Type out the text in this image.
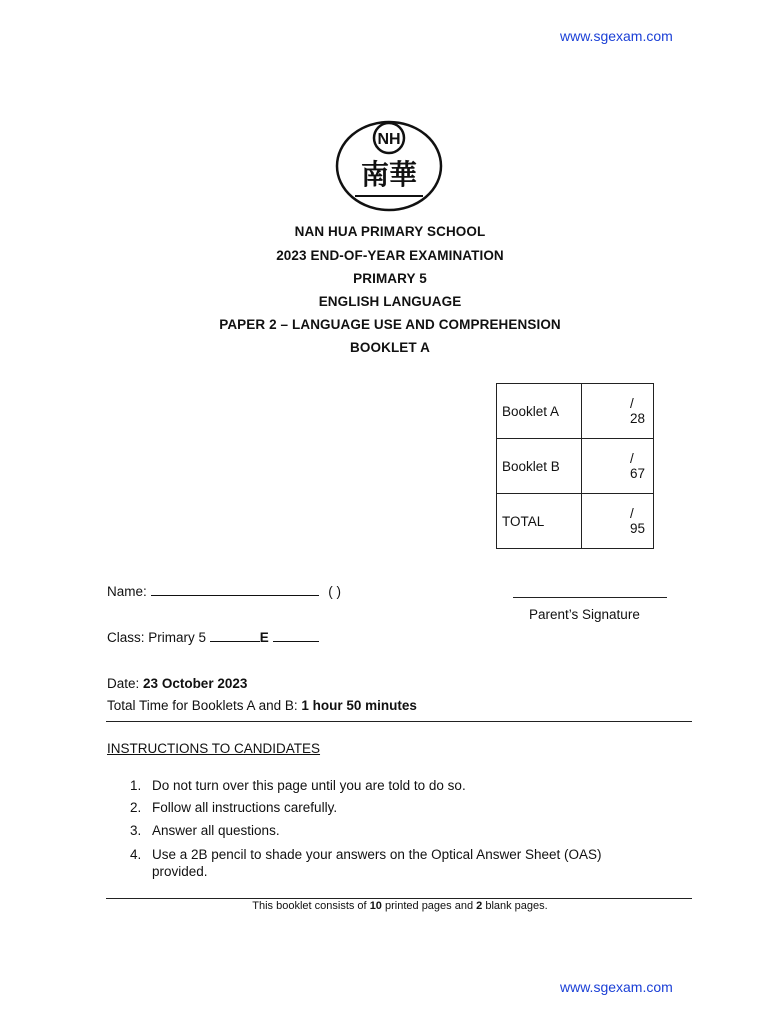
www.sgexam.com
NH
南華
NAN HUA PRIMARY SCHOOL
2023 END-OF-YEAR EXAMINATION
PRIMARY 5
ENGLISH LANGUAGE
PAPER 2 – LANGUAGE USE AND COMPREHENSION
BOOKLET A
Booklet A	/ 28
Booklet B	/ 67
TOTAL	/ 95
Name:	( )
Parent’s Signature
Class: Primary 5	E
Date: 23 October 2023
Total Time for Booklets A and B: 1 hour 50 minutes
INSTRUCTIONS TO CANDIDATES
1. Do not turn over this page until you are told to do so.
2. Follow all instructions carefully.
3. Answer all questions.
4. Use a 2B pencil to shade your answers on the Optical Answer Sheet (OAS) provided.
This booklet consists of 10 printed pages and 2 blank pages.
www.sgexam.com
